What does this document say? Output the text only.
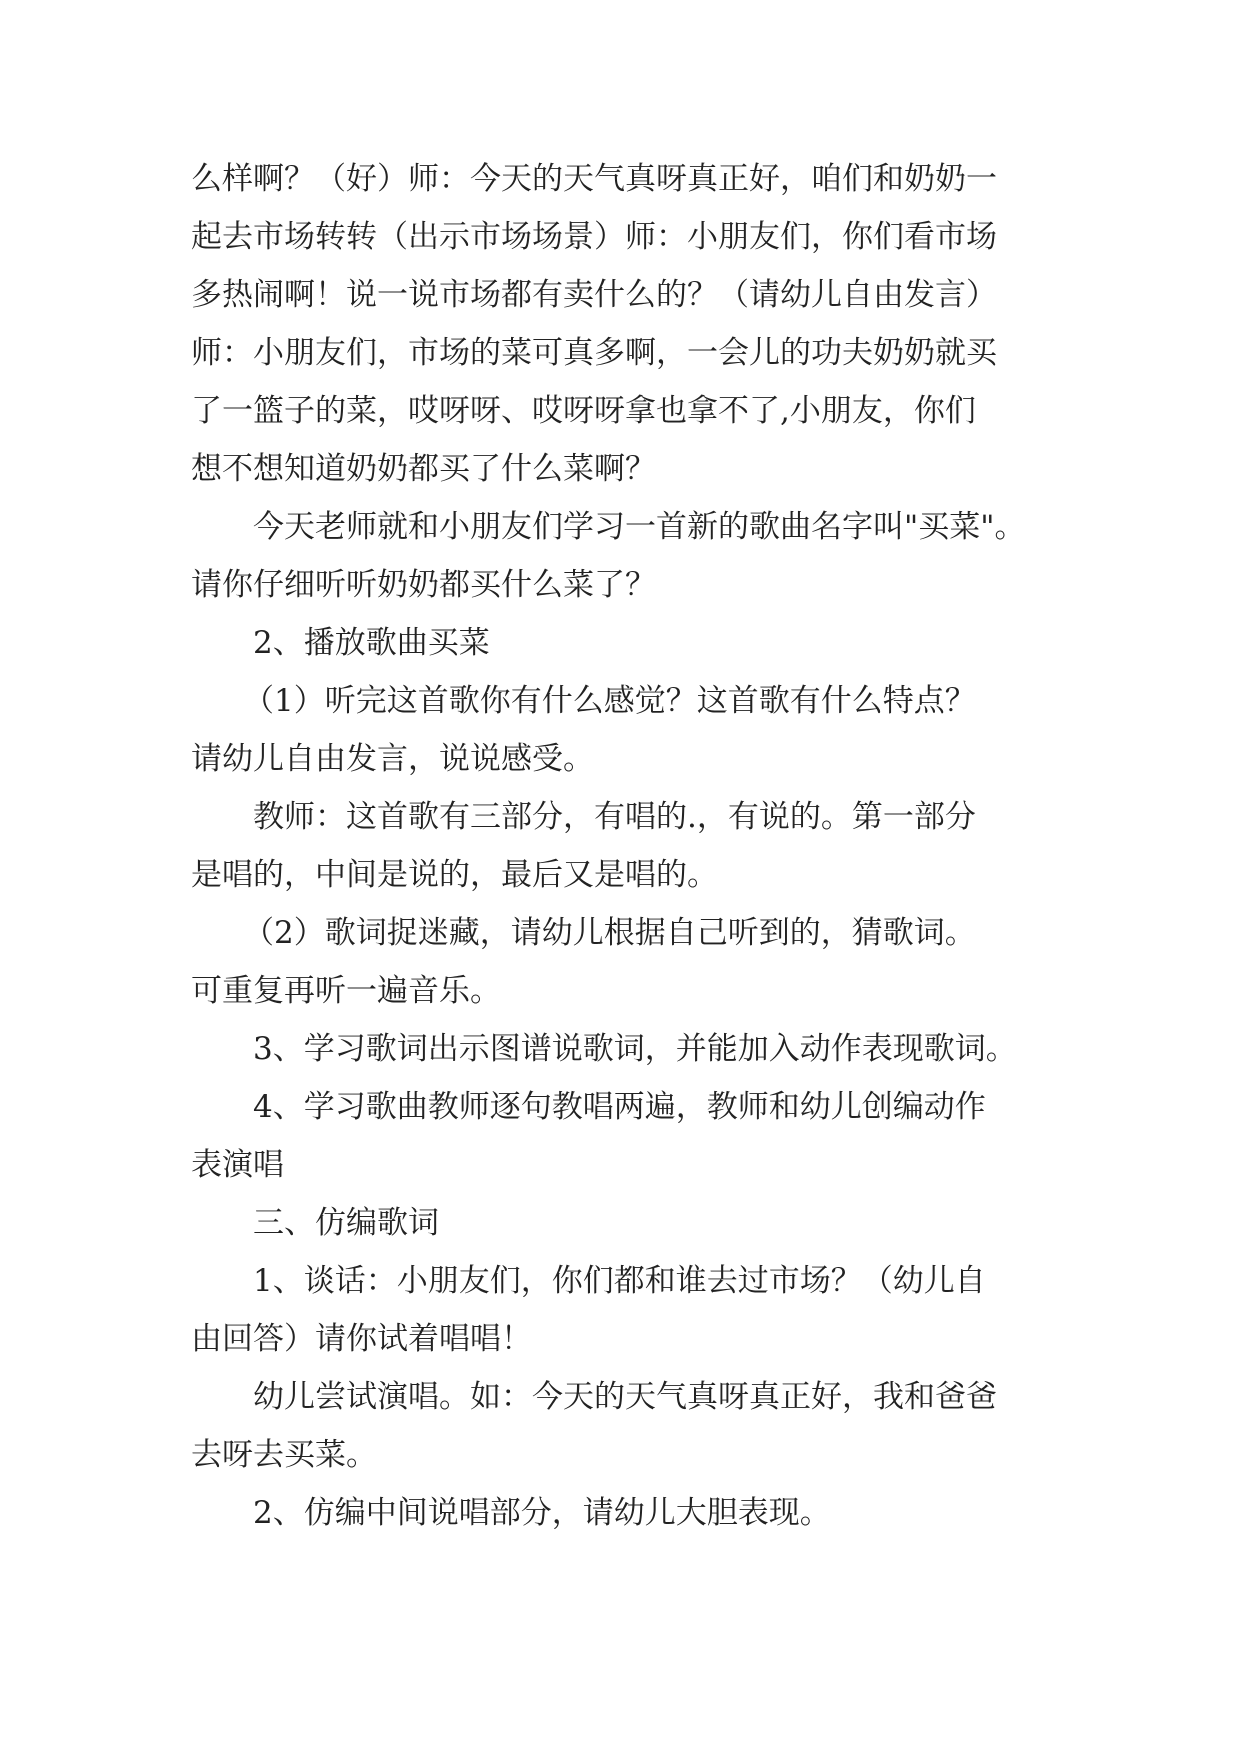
么样啊？（好）师：今天的天气真呀真正好，咱们和奶奶一
起去市场转转（出示市场场景）师：小朋友们，你们看市场
多热闹啊！说一说市场都有卖什么的？（请幼儿自由发言）
师：小朋友们，市场的菜可真多啊，一会儿的功夫奶奶就买
了一篮子的菜，哎呀呀、哎呀呀拿也拿不了,小朋友，你们
想不想知道奶奶都买了什么菜啊？
今天老师就和小朋友们学习一首新的歌曲名字叫"买菜"。
请你仔细听听奶奶都买什么菜了？
2、播放歌曲买菜
（1）听完这首歌你有什么感觉？这首歌有什么特点？
请幼儿自由发言，说说感受。
教师：这首歌有三部分，有唱的.，有说的。第一部分
是唱的，中间是说的，最后又是唱的。
（2）歌词捉迷藏，请幼儿根据自己听到的，猜歌词。
可重复再听一遍音乐。
3、学习歌词出示图谱说歌词，并能加入动作表现歌词。
4、学习歌曲教师逐句教唱两遍，教师和幼儿创编动作
表演唱
三、仿编歌词
1、谈话：小朋友们，你们都和谁去过市场？（幼儿自
由回答）请你试着唱唱！
幼儿尝试演唱。如：今天的天气真呀真正好，我和爸爸
去呀去买菜。
2、仿编中间说唱部分，请幼儿大胆表现。
